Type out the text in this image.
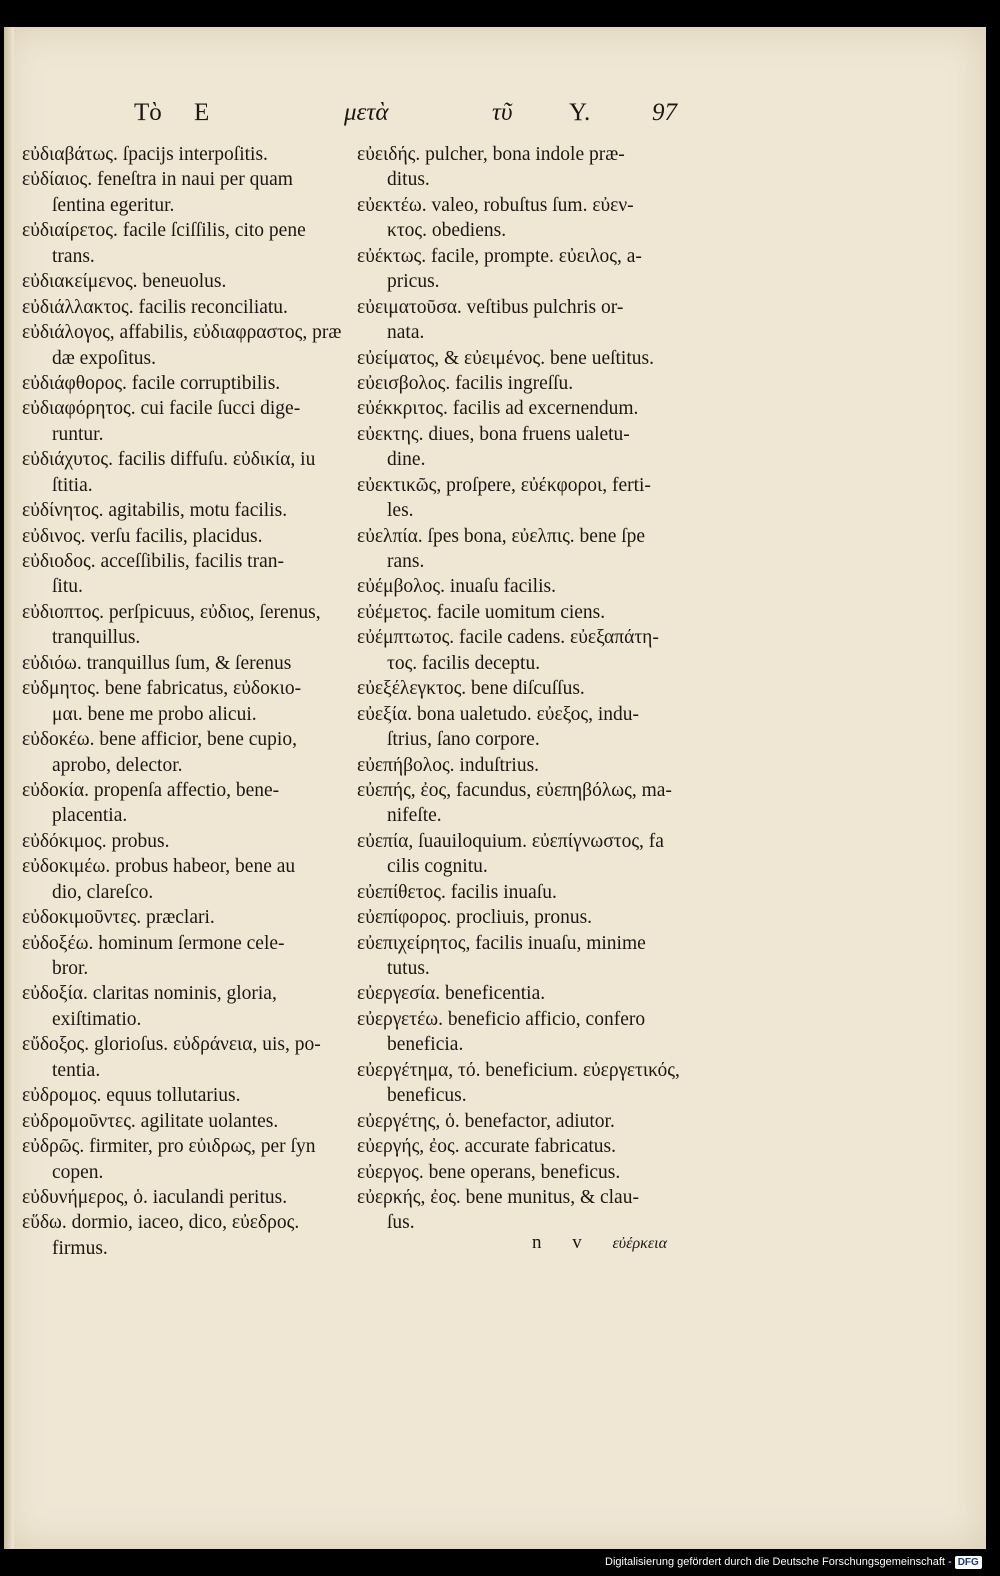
Τὸ Ε	μετὰ	τῦ Υ. 97
εὐδιαβάτως. ſpacijs interpoſitis.
εὐδίαιος. feneſtra in naui per quam
ſentina egeritur.
εὐδιαίρετος. facile ſciſſilis, cito pene
trans.
εὐδιακείμενος. beneuolus.
εὐδιάλλακτος. facilis reconciliatu.
εὐδιάλογος, affabilis, εὐδιαφραστος, præ
dæ expoſitus.
εὐδιάφθορος. facile corruptibilis.
εὐδιαφόρητος. cui facile ſucci dige-
runtur.
εὐδιάχυτος. facilis diffuſu. εὐδικία, iu
ſtitia.
εὐδίνητος. agitabilis, motu facilis.
εὐδινος. verſu facilis, placidus.
εὐδιοδος. acceſſibilis, facilis tran-
ſitu.
εὐδιοπτος. perſpicuus, εὐδιος, ſerenus,
tranquillus.
εὐδιόω. tranquillus ſum, & ſerenus
εὐδμητος. bene fabricatus, εὐδοκιο-
μαι. bene me probo alicui.
εὐδοκέω. bene afficior, bene cupio,
aprobo, delector.
εὐδοκία. propenſa affectio, bene-
placentia.
εὐδόκιμος. probus.
εὐδοκιμέω. probus habeor, bene au
dio, clareſco.
εὐδοκιμοῦντες. præclari.
εὐδοξέω. hominum ſermone cele-
bror.
εὐδοξία. claritas nominis, gloria,
exiſtimatio.
εὔδοξος. glorioſus. εὐδράνεια, uis, po-
tentia.
εὐδρομος. equus tollutarius.
εὐδρομοῦντες. agilitate uolantes.
εὐδρῶς. firmiter, pro εὐιδρως, per ſyn
copen.
εὐδυνήμερος, ὁ. iaculandi peritus.
εὕδω. dormio, iaceo, dico, εὐεδρος.
firmus.
εὐειδής. pulcher, bona indole præ-
ditus.
εὐεκτέω. valeo, robuſtus ſum. εὐεν-
κτος. obediens.
εὐέκτως. facile, prompte. εὐειλος, a-
pricus.
εὐειματοῦσα. veſtibus pulchris or-
nata.
εὐείματος, & εὐειμένος. bene ueſtitus.
εὐεισβολος. facilis ingreſſu.
εὐέκκριτος. facilis ad excernendum.
εὐεκτης. diues, bona fruens ualetu-
dine.
εὐεκτικῶς, proſpere, εὐέκφοροι, ferti-
les.
εὐελπία. ſpes bona, εὐελπις. bene ſpe
rans.
εὐέμβολος. inuaſu facilis.
εὐέμετος. facile uomitum ciens.
εὐέμπτωτος. facile cadens. εὐεξαπάτη-
τος. facilis deceptu.
εὐεξέλεγκτος. bene diſcuſſus.
εὐεξία. bona ualetudo. εὐεξος, indu-
ſtrius, ſano corpore.
εὐεπήβολος. induſtrius.
εὐεπής, ἐος, facundus, εὐεπηβόλως, ma-
nifeſte.
εὐεπία, ſuauiloquium. εὐεπίγνωστος, fa
cilis cognitu.
εὐεπίθετος. facilis inuaſu.
εὐεπίφορος. procliuis, pronus.
εὐεπιχείρητος, facilis inuaſu, minime
tutus.
εὐεργεσία. beneficentia.
εὐεργετέω. beneficio afficio, confero
beneficia.
εὐεργέτημα, τό. beneficium. εὐεργετικός,
beneficus.
εὐεργέτης, ὁ. benefactor, adiutor.
εὐεργής, ἐος. accurate fabricatus.
εὐεργος. bene operans, beneficus.
εὐερκής, ἐος. bene munitus, & clau-
ſus.
n v εὐέρκεια
Digitalisierung gefördert durch die Deutsche Forschungsgemeinschaft - DFG
